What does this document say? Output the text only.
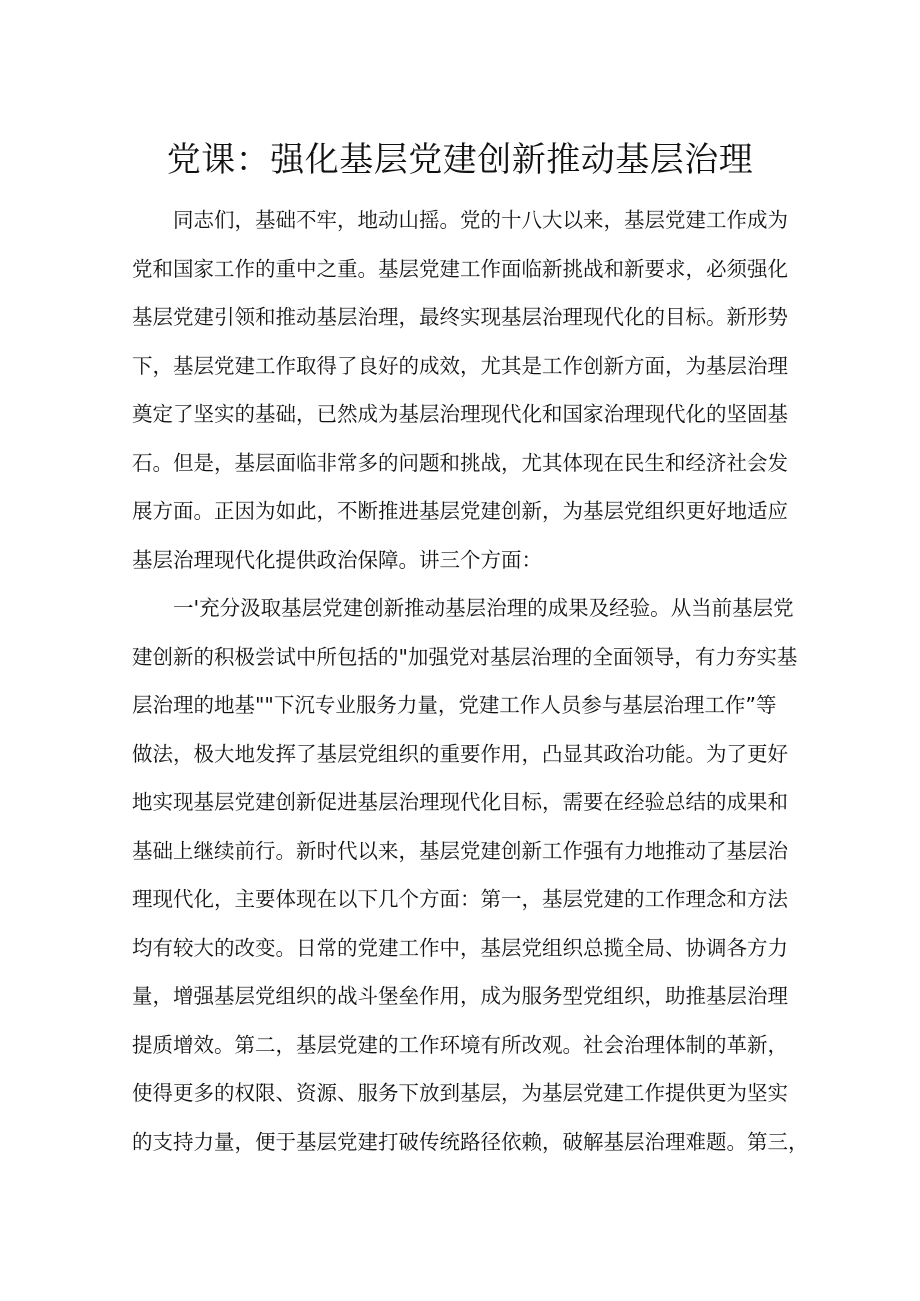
党课：强化基层党建创新推动基层治理
同志们，基础不牢，地动山摇。党的十八大以来，基层党建工作成为
党和国家工作的重中之重。基层党建工作面临新挑战和新要求，必须强化
基层党建引领和推动基层治理，最终实现基层治理现代化的目标。新形势
下，基层党建工作取得了良好的成效，尤其是工作创新方面，为基层治理
奠定了坚实的基础，已然成为基层治理现代化和国家治理现代化的坚固基
石。但是，基层面临非常多的问题和挑战，尤其体现在民生和经济社会发
展方面。正因为如此，不断推进基层党建创新，为基层党组织更好地适应
基层治理现代化提供政治保障。讲三个方面：
一'充分汲取基层党建创新推动基层治理的成果及经验。从当前基层党
建创新的积极尝试中所包括的"加强党对基层治理的全面领导，有力夯实基
层治理的地基""下沉专业服务力量，党建工作人员参与基层治理工作”等
做法，极大地发挥了基层党组织的重要作用，凸显其政治功能。为了更好
地实现基层党建创新促进基层治理现代化目标，需要在经验总结的成果和
基础上继续前行。新时代以来，基层党建创新工作强有力地推动了基层治
理现代化，主要体现在以下几个方面：第一，基层党建的工作理念和方法
均有较大的改变。日常的党建工作中，基层党组织总揽全局、协调各方力
量，增强基层党组织的战斗堡垒作用，成为服务型党组织，助推基层治理
提质增效。第二，基层党建的工作环境有所改观。社会治理体制的革新，
使得更多的权限、资源、服务下放到基层，为基层党建工作提供更为坚实
的支持力量，便于基层党建打破传统路径依赖，破解基层治理难题。第三，
